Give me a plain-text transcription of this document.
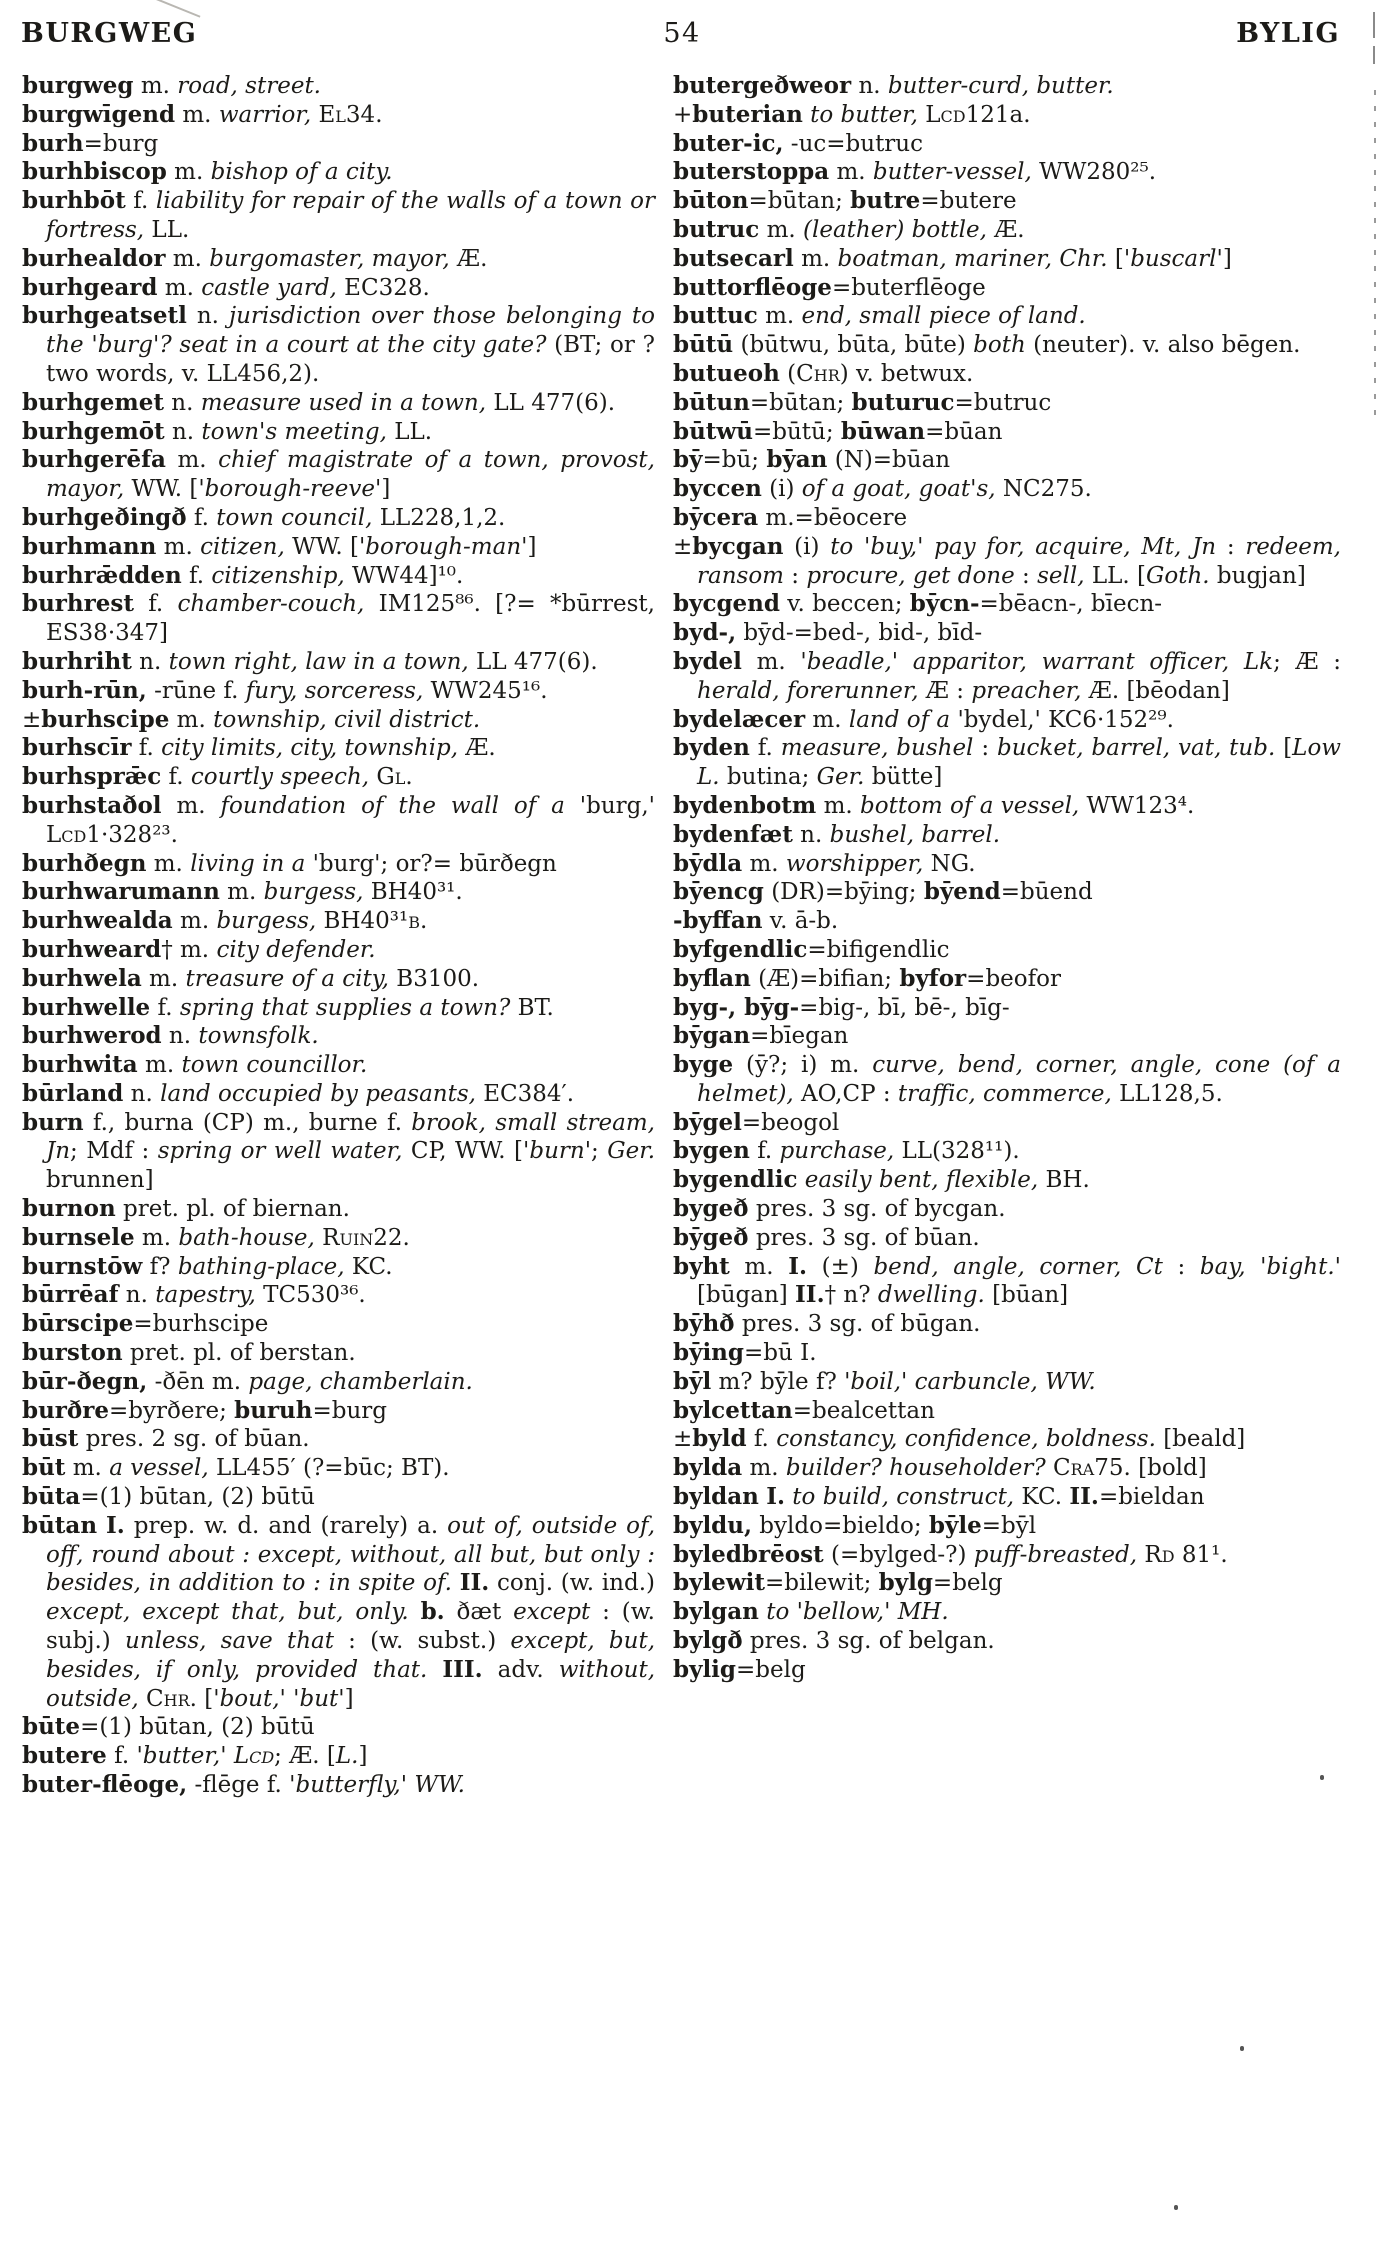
BURGWEG	54	BYLIG

burgweg m. road, street.

burgwīgend m. warrior, El34.

burh=burg

burhbiscop m. bishop of a city.

burhbōt f. liability for repair of the walls of a town or fortress, LL.

burhealdor m. burgomaster, mayor, Æ.

burhgeard m. castle yard, EC328.

burhgeatsetl n. jurisdiction over those belonging to the 'burg'? seat in a court at the city gate? (BT; or ? two words, v. LL456,2).

burhgemet n. measure used in a town, LL 477(6).

burhgemōt n. town's meeting, LL.

burhgerēfa m. chief magistrate of a town, provost, mayor, WW. ['borough-reeve']

burhgeðingð f. town council, LL228,1,2.

burhmann m. citizen, WW. ['borough-man']

burhrǣdden f. citizenship, WW44]¹⁰.

burhrest f. chamber-couch, IM125⁸⁶. [?= *būrrest, ES38·347]

burhriht n. town right, law in a town, LL 477(6).

burh-rūn, -rūne f. fury, sorceress, WW245¹⁶.

±burhscipe m. township, civil district.

burhscīr f. city limits, city, township, Æ.

burhsprǣc f. courtly speech, Gl.

burhstaðol m. foundation of the wall of a 'burg,' Lcd1·328²³.

burhðegn m. living in a 'burg'; or?= būrðegn

burhwarumann m. burgess, BH40³¹.

burhwealda m. burgess, BH40³¹b.

burhweard† m. city defender.

burhwela m. treasure of a city, B3100.

burhwelle f. spring that supplies a town? BT.

burhwerod n. townsfolk.

burhwita m. town councillor.

būrland n. land occupied by peasants, EC384′.

burn f., burna (CP) m., burne f. brook, small stream, Jn; Mdf : spring or well water, CP, WW. ['burn'; Ger. brunnen]

burnon pret. pl. of biernan.

burnsele m. bath-house, Ruin22.

burnstōw f? bathing-place, KC.

būrrēaf n. tapestry, TC530³⁶.

būrscipe=burhscipe

burston pret. pl. of berstan.

būr-ðegn, -ðēn m. page, chamberlain.

burðre=byrðere; buruh=burg

būst pres. 2 sg. of būan.

būt m. a vessel, LL455′ (?=būc; BT).

būta=(1) būtan, (2) būtū

būtan I. prep. w. d. and (rarely) a. out of, outside of, off, round about : except, without, all but, but only : besides, in addition to : in spite of. II. conj. (w. ind.) except, except that, but, only. b. ðæt except : (w. subj.) unless, save that : (w. subst.) except, but, besides, if only, provided that. III. adv. without, outside, Chr. ['bout,' 'but']

būte=(1) būtan, (2) būtū

butere f. 'butter,' Lcd; Æ. [L.]

buter-flēoge, -flēge f. 'butterfly,' WW.

butergeðweor n. butter-curd, butter.

+buterian to butter, Lcd121a.

buter-ic, -uc=butruc

buterstoppa m. butter-vessel, WW280²⁵.

būton=būtan; butre=butere

butruc m. (leather) bottle, Æ.

butsecarl m. boatman, mariner, Chr. ['buscarl']

buttorflēoge=buterflēoge

buttuc m. end, small piece of land.

būtū (būtwu, būta, būte) both (neuter). v. also bēgen.

butueoh (Chr) v. betwux.

būtun=būtan; buturuc=butruc

būtwū=būtū; būwan=būan

bȳ=bū; bȳan (N)=būan

byccen (i) of a goat, goat's, NC275.

bȳcera m.=bēocere

±bycgan (i) to 'buy,' pay for, acquire, Mt, Jn : redeem, ransom : procure, get done : sell, LL. [Goth. bugjan]

bycgend v. beccen; bȳcn-=bēacn-, bīecn-

byd-, bȳd-=bed-, bid-, bīd-

bydel m. 'beadle,' apparitor, warrant officer, Lk; Æ : herald, forerunner, Æ : preacher, Æ. [bēodan]

bydelæcer m. land of a 'bydel,' KC6·152²⁹.

byden f. measure, bushel : bucket, barrel, vat, tub. [Low L. butina; Ger. bütte]

bydenbotm m. bottom of a vessel, WW123⁴.

bydenfæt n. bushel, barrel.

bȳdla m. worshipper, NG.

bȳencg (DR)=bȳing; bȳend=būend

-byffan v. ā-b.

byfgendlic=bifigendlic

byflan (Æ)=bifian; byfor=beofor

byg-, bȳg-=big-, bī, bē-, bīg-

bȳgan=bīegan

byge (ȳ?; i) m. curve, bend, corner, angle, cone (of a helmet), AO,CP : traffic, commerce, LL128,5.

bȳgel=beogol

bygen f. purchase, LL(328¹¹).

bygendlic easily bent, flexible, BH.

bygeð pres. 3 sg. of bycgan.

bȳgeð pres. 3 sg. of būan.

byht m. I. (±) bend, angle, corner, Ct : bay, 'bight.' [būgan] II.† n? dwelling. [būan]

bȳhð pres. 3 sg. of būgan.

bȳing=bū I.

bȳl m? bȳle f? 'boil,' carbuncle, WW.

bylcettan=bealcettan

±byld f. constancy, confidence, boldness. [beald]

bylda m. builder? householder? Cra75. [bold]

byldan I. to build, construct, KC. II.=bieldan

byldu, byldo=bieldo; bȳle=bȳl

byledbrēost (=bylged-?) puff-breasted, Rd 81¹.

bylewit=bilewit; bylg=belg

bylgan to 'bellow,' MH.

bylgð pres. 3 sg. of belgan.

bylig=belg
